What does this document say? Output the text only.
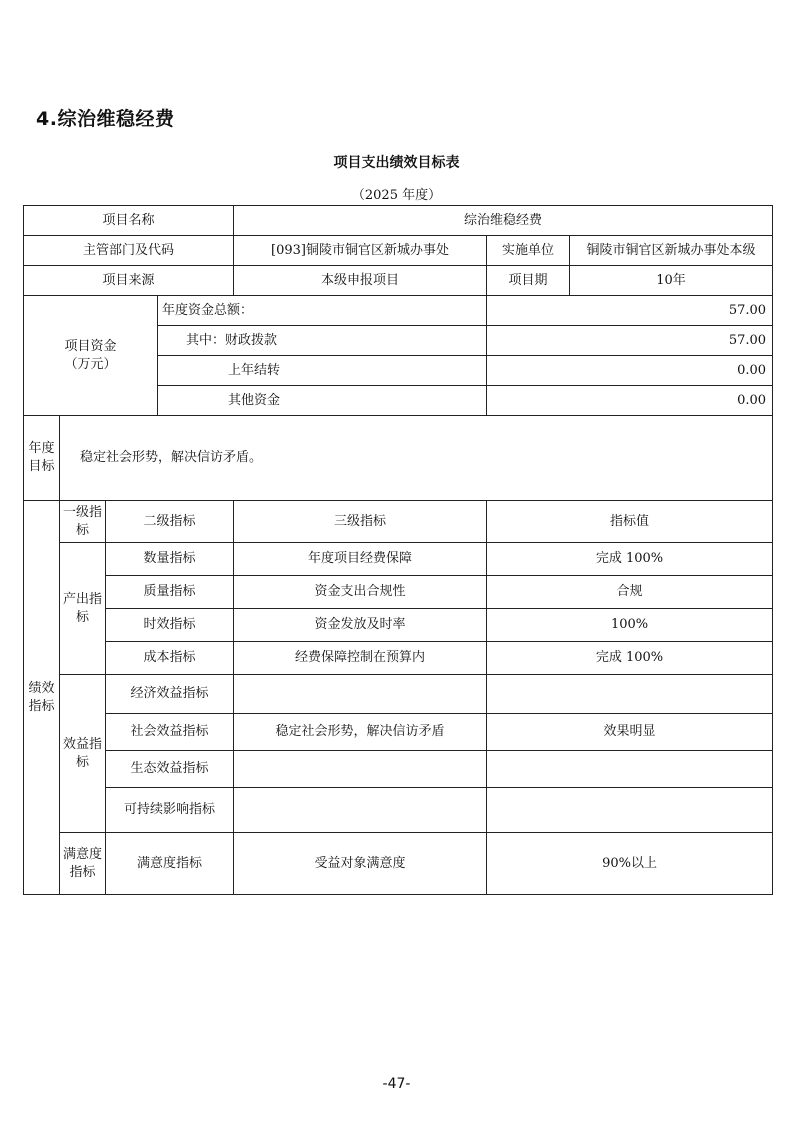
4.综治维稳经费
项目支出绩效目标表
（2025 年度）
项目名称				综治维稳经费		
主管部门及代码				[093]铜陵市铜官区新城办事处	实施单位	铜陵市铜官区新城办事处本级
项目来源				本级申报项目	项目期	10年

项目资金
（万元）			年度资金总额：		57.00	
			其中：财政拨款		57.00	
			上年结转		0.00	
			其他资金		0.00	
年度目标	稳定社会形势，解决信访矛盾。					
绩效指标	一级指标	二级指标		三级指标	指标值	
	产出指标	数量指标		年度项目经费保障	完成 100%	
		质量指标		资金支出合规性	合规	
		时效指标		资金发放及时率	100%	
		成本指标		经费保障控制在预算内	完成 100%	
	效益指标	经济效益指标				
		社会效益指标		稳定社会形势，解决信访矛盾	效果明显	
		生态效益指标				
		可持续影响指标				
	满意度指标	满意度指标		受益对象满意度	90%以上	
-47-
